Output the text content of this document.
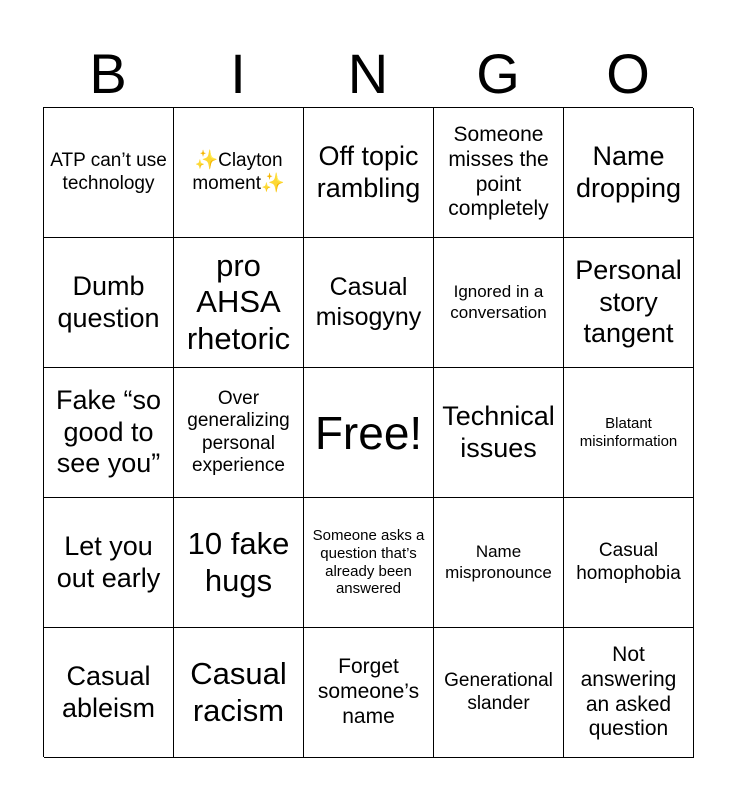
B	I	N	G	O
ATP can’t use technology
✨Clayton moment✨
Off topic rambling
Someone misses the point completely
Name dropping
Dumb question
pro AHSA rhetoric
Casual misogyny
Ignored in a conversation
Personal story tangent
Fake “so good to see you”
Over generalizing personal experience
Free! Technical issues
Blatant misinformation
Let you out early
10 fake hugs
Someone asks a question that’s already been answered
Name mispronounce
Casual homophobia
Casual ableism
Casual racism
Forget someone’s name
Generational slander
Not answering an asked question
